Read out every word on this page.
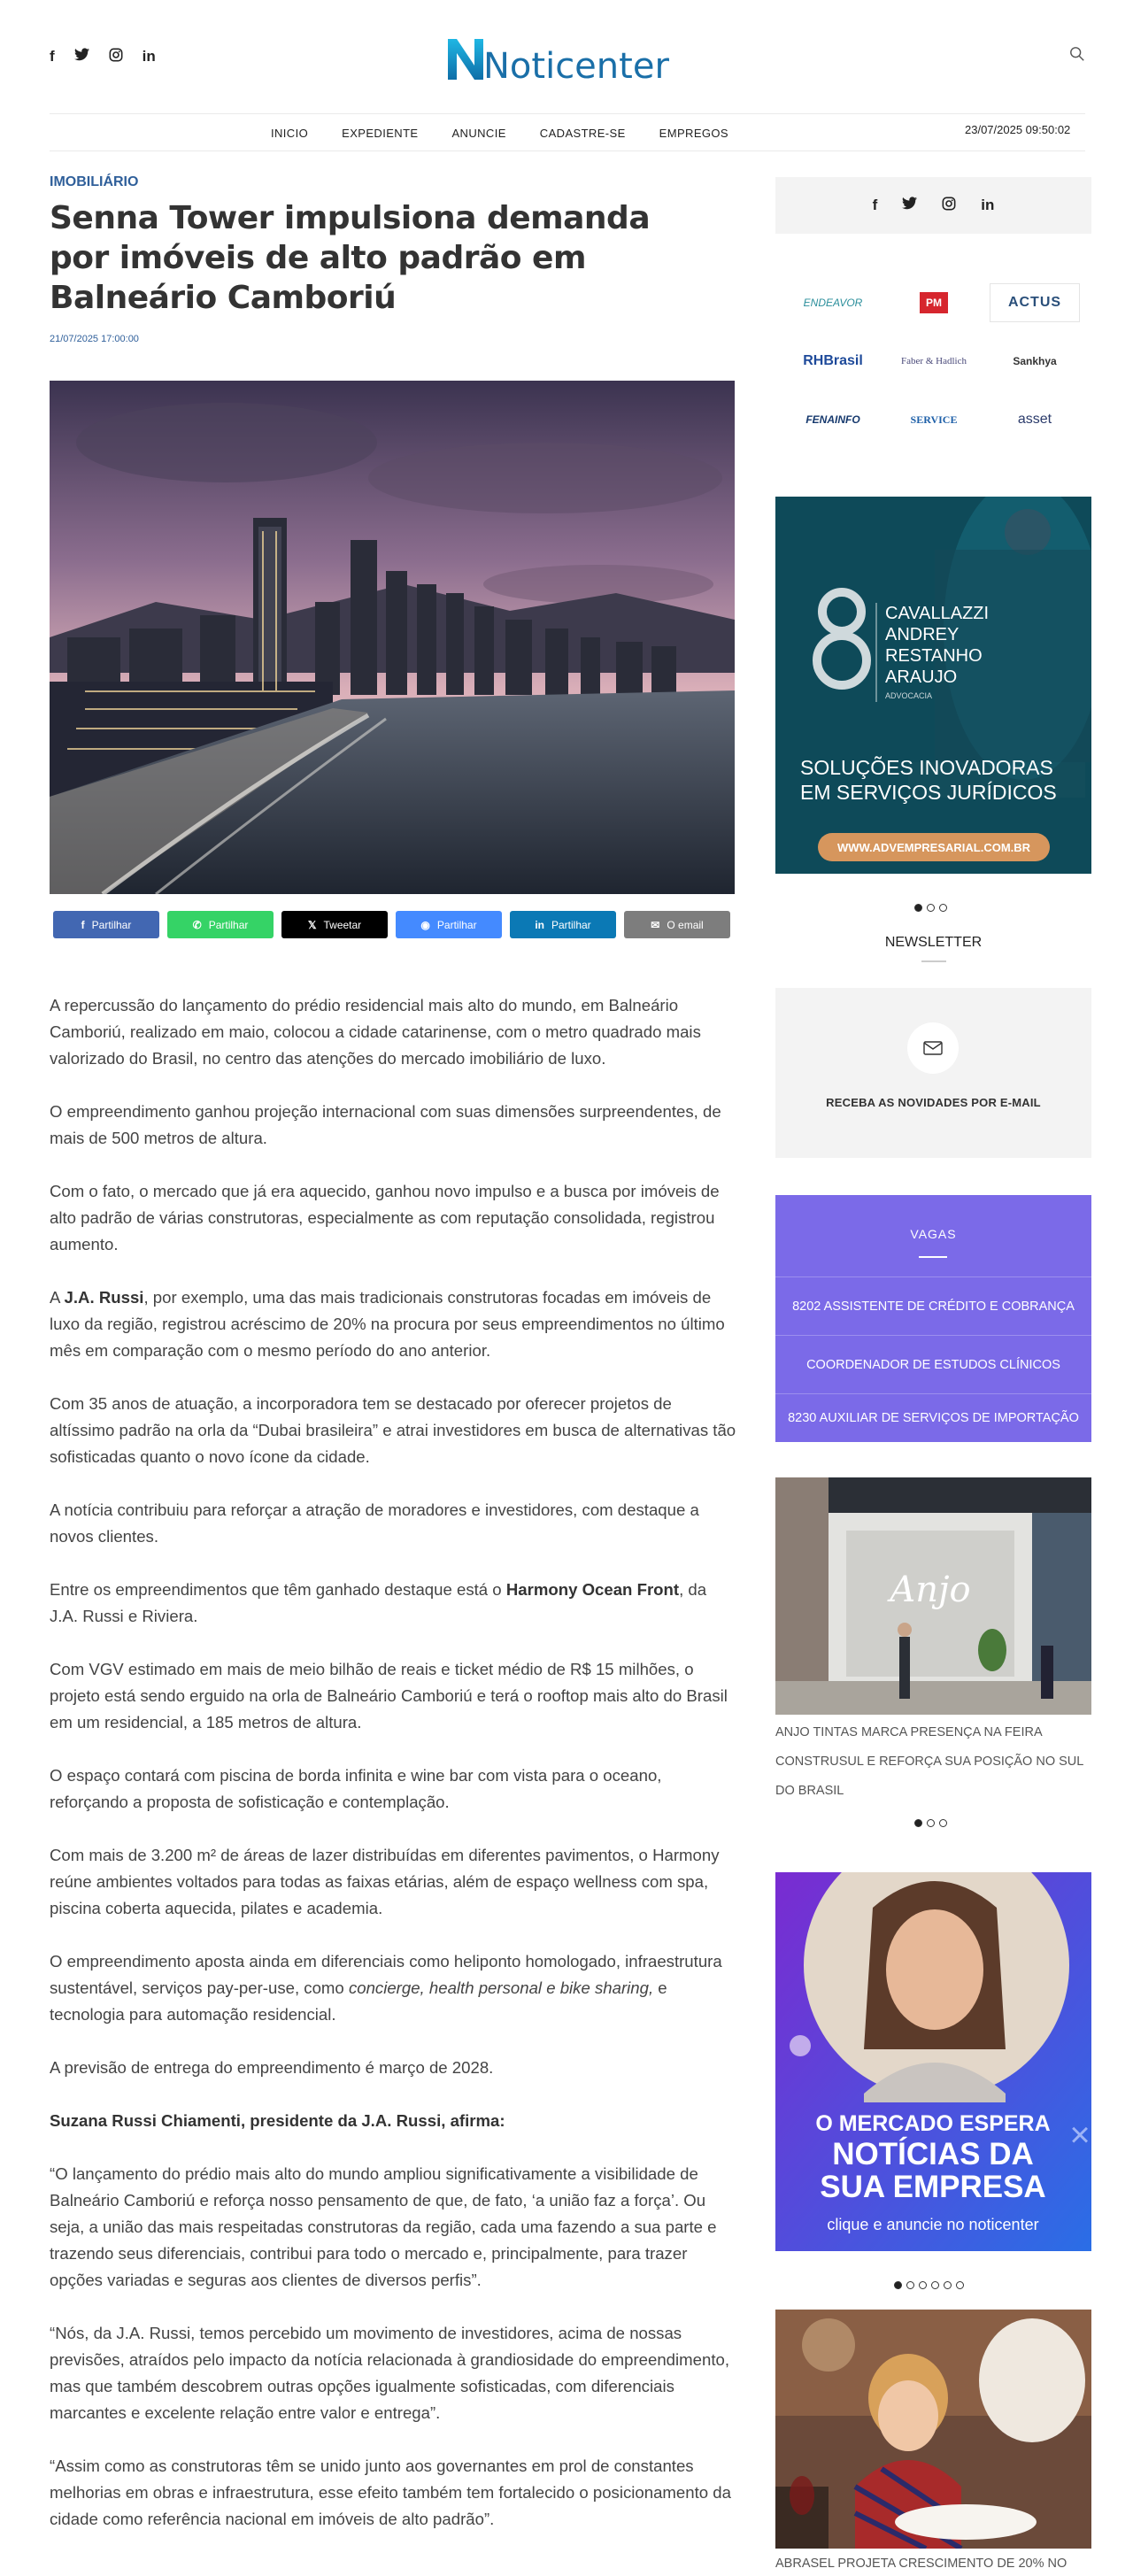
f	in	Noticenter
INICIO	EXPEDIENTE	ANUNCIE	CADASTRE-SE	EMPREGOS	23/07/2025 09:50:02
IMOBILIÁRIO
Senna Tower impulsiona demanda por imóveis de alto padrão em Balneário Camboriú
21/07/2025 17:00:00
f Partilhar	✆ Partilhar	𝕏 Tweetar	◉ Partilhar	in Partilhar	✉ O email

A repercussão do lançamento do prédio residencial mais alto do mundo, em Balneário Camboriú, realizado em maio, colocou a cidade catarinense, com o metro quadrado mais valorizado do Brasil, no centro das atenções do mercado imobiliário de luxo.

O empreendimento ganhou projeção internacional com suas dimensões surpreendentes, de mais de 500 metros de altura.

Com o fato, o mercado que já era aquecido, ganhou novo impulso e a busca por imóveis de alto padrão de várias construtoras, especialmente as com reputação consolidada, registrou aumento.

A J.A. Russi, por exemplo, uma das mais tradicionais construtoras focadas em imóveis de luxo da região, registrou acréscimo de 20% na procura por seus empreendimentos no último mês em comparação com o mesmo período do ano anterior.

Com 35 anos de atuação, a incorporadora tem se destacado por oferecer projetos de altíssimo padrão na orla da “Dubai brasileira” e atrai investidores em busca de alternativas tão sofisticadas quanto o novo ícone da cidade.

A notícia contribuiu para reforçar a atração de moradores e investidores, com destaque a novos clientes.

Entre os empreendimentos que têm ganhado destaque está o Harmony Ocean Front, da J.A. Russi e Riviera.

Com VGV estimado em mais de meio bilhão de reais e ticket médio de R$ 15 milhões, o projeto está sendo erguido na orla de Balneário Camboriú e terá o rooftop mais alto do Brasil em um residencial, a 185 metros de altura.

O espaço contará com piscina de borda infinita e wine bar com vista para o oceano, reforçando a proposta de sofisticação e contemplação.

Com mais de 3.200 m² de áreas de lazer distribuídas em diferentes pavimentos, o Harmony reúne ambientes voltados para todas as faixas etárias, além de espaço wellness com spa, piscina coberta aquecida, pilates e academia.

O empreendimento aposta ainda em diferenciais como heliponto homologado, infraestrutura sustentável, serviços pay-per-use, como concierge, health personal e bike sharing, e tecnologia para automação residencial.

A previsão de entrega do empreendimento é março de 2028.

Suzana Russi Chiamenti, presidente da J.A. Russi, afirma:

“O lançamento do prédio mais alto do mundo ampliou significativamente a visibilidade de Balneário Camboriú e reforça nosso pensamento de que, de fato, ‘a união faz a força’. Ou seja, a união das mais respeitadas construtoras da região, cada uma fazendo a sua parte e trazendo seus diferenciais, contribui para todo o mercado e, principalmente, para trazer opções variadas e seguras aos clientes de diversos perfis”.

“Nós, da J.A. Russi, temos percebido um movimento de investidores, acima de nossas previsões, atraídos pelo impacto da notícia relacionada à grandiosidade do empreendimento, mas que também descobrem outras opções igualmente sofisticadas, com diferenciais marcantes e excelente relação entre valor e entrega”.

“Assim como as construtoras têm se unido junto aos governantes em prol de constantes melhorias em obras e infraestrutura, esse efeito também tem fortalecido o posicionamento da cidade como referência nacional em imóveis de alto padrão”.

f	in
ENDEAVOR	PM	ACTUS
RHBrasil	Faber & Hadlich	Sankhya
FENAINFO	SERVICE	asset
CAVALLAZZI
ANDREY
RESTANHO
ARAUJO
ADVOCACIA
SOLUÇÕES INOVADORAS
EM SERVIÇOS JURÍDICOS
WWW.ADVEMPRESARIAL.COM.BR
NEWSLETTER
RECEBA AS NOVIDADES POR E-MAIL
VAGAS
8202 ASSISTENTE DE CRÉDITO E COBRANÇA
COORDENADOR DE ESTUDOS CLÍNICOS
8230 AUXILIAR DE SERVIÇOS DE IMPORTAÇÃO
Anjo
ANJO TINTAS MARCA PRESENÇA NA FEIRA CONSTRUSUL E REFORÇA SUA POSIÇÃO NO SUL DO BRASIL
×
O MERCADO ESPERA
NOTÍCIAS DA
SUA EMPRESA
clique e anuncie no noticenter
ABRASEL PROJETA CRESCIMENTO DE 20% NO
